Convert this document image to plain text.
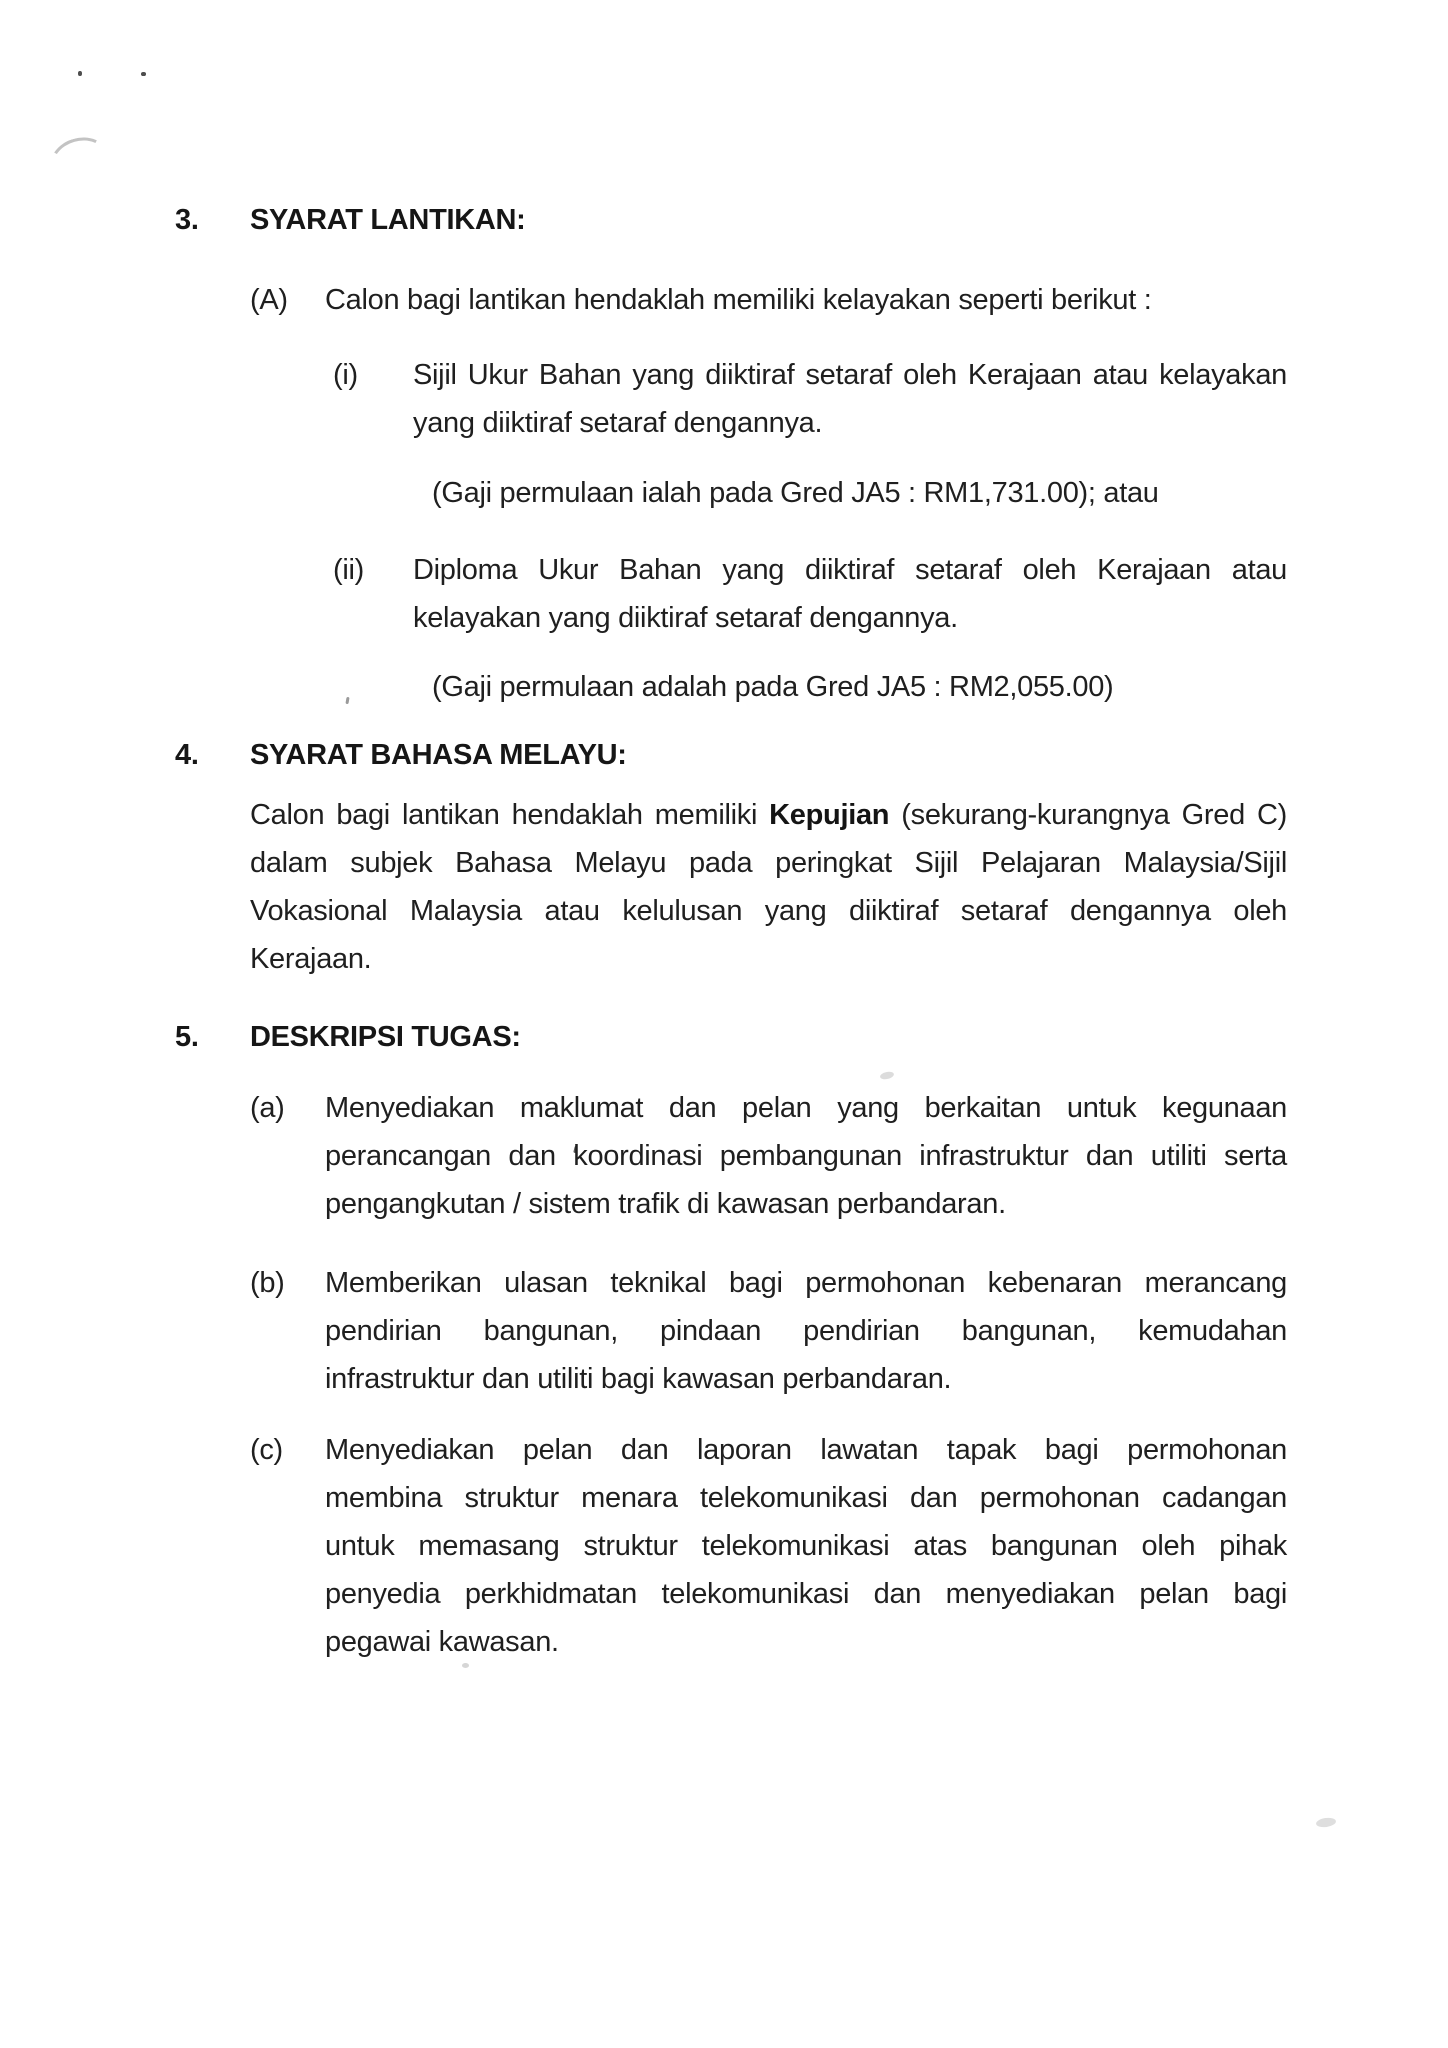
3.	SYARAT LANTIKAN:
(A)	Calon bagi lantikan hendaklah memiliki kelayakan seperti berikut :
(i)	Sijil Ukur Bahan yang diiktiraf setaraf oleh Kerajaan atau kelayakan
yang diiktiraf setaraf dengannya.
(Gaji permulaan ialah pada Gred JA5 : RM1,731.00); atau
(ii)	Diploma Ukur Bahan yang diiktiraf setaraf oleh Kerajaan atau
kelayakan yang diiktiraf setaraf dengannya.
(Gaji permulaan adalah pada Gred JA5 : RM2,055.00)
4.	SYARAT BAHASA MELAYU:
Calon bagi lantikan hendaklah memiliki Kepujian (sekurang-kurangnya Gred C)
dalam subjek Bahasa Melayu pada peringkat Sijil Pelajaran Malaysia/Sijil
Vokasional Malaysia atau kelulusan yang diiktiraf setaraf dengannya oleh
Kerajaan.
5.	DESKRIPSI TUGAS:
(a)	Menyediakan maklumat dan pelan yang berkaitan untuk kegunaan
perancangan dan koordinasi pembangunan infrastruktur dan utiliti serta
pengangkutan / sistem trafik di kawasan perbandaran.
(b)	Memberikan ulasan teknikal bagi permohonan kebenaran merancang
pendirian bangunan, pindaan pendirian bangunan, kemudahan
infrastruktur dan utiliti bagi kawasan perbandaran.
(c)	Menyediakan pelan dan laporan lawatan tapak bagi permohonan
membina struktur menara telekomunikasi dan permohonan cadangan
untuk memasang struktur telekomunikasi atas bangunan oleh pihak
penyedia perkhidmatan telekomunikasi dan menyediakan pelan bagi
pegawai kawasan.
